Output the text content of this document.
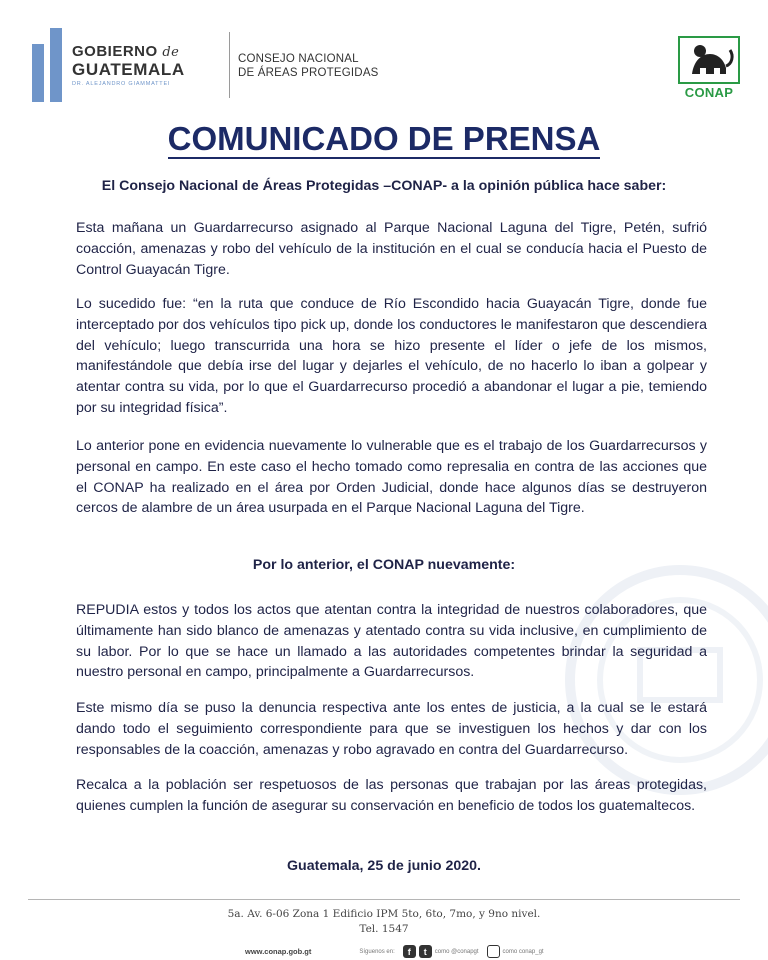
GOBIERNO de
GUATEMALA
DR. ALEJANDRO GIAMMATTEI
CONSEJO NACIONAL
DE ÁREAS PROTEGIDAS
CONAP
COMUNICADO DE PRENSA
El Consejo Nacional de Áreas Protegidas –CONAP- a la opinión pública hace saber:
Esta mañana un Guardarrecurso asignado al Parque Nacional Laguna del Tigre, Petén, sufrió coacción, amenazas y robo del vehículo de la institución en el cual se conducía hacia el Puesto de Control Guayacán Tigre.
Lo sucedido fue: “en la ruta que conduce de Río Escondido hacia Guayacán Tigre, donde fue interceptado por dos vehículos tipo pick up, donde los conductores le manifestaron que descendiera del vehículo; luego transcurrida una hora se hizo presente el líder o jefe de los mismos, manifestándole que debía irse del lugar y dejarles el vehículo, de no hacerlo lo iban a golpear y atentar contra su vida, por lo que el Guardarrecurso procedió a abandonar el lugar a pie, temiendo por su integridad física”.
Lo anterior pone en evidencia nuevamente lo vulnerable que es el trabajo de los Guardarrecursos y personal en campo. En este caso el hecho tomado como represalia en contra de las acciones que el CONAP ha realizado en el área por Orden Judicial, donde hace algunos días se destruyeron cercos de alambre de un área usurpada en el Parque Nacional Laguna del Tigre.
Por lo anterior, el CONAP nuevamente:
REPUDIA estos y todos los actos que atentan contra la integridad de nuestros colaboradores, que últimamente han sido blanco de amenazas y atentado contra su vida inclusive, en cumplimiento de su labor. Por lo que se hace un llamado a las autoridades competentes brindar la seguridad a nuestro personal en campo, principalmente a Guardarrecursos.
Este mismo día se puso la denuncia respectiva ante los entes de justicia, a la cual se le estará dando todo el seguimiento correspondiente para que se investiguen los hechos y dar con los responsables de la coacción, amenazas y robo agravado en contra del Guardarrecurso.
Recalca a la población ser respetuosos de las personas que trabajan por las áreas protegidas, quienes cumplen la función de asegurar su conservación en beneficio de todos los guatemaltecos.
Guatemala, 25 de junio 2020.
5a. Av. 6-06 Zona 1 Edificio IPM 5to, 6to, 7mo, y 9no nivel.
Tel. 1547
www.conap.gob.gt	Síguenos en:	f	t	como @conapgt	como conap_gt
